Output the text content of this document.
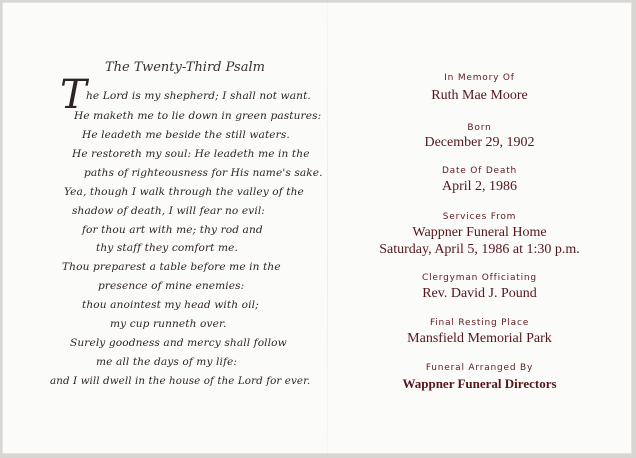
The Twenty-Third Psalm
T he Lord is my shepherd; I shall not want.
He maketh me to lie down in green pastures:
He leadeth me beside the still waters.
He restoreth my soul: He leadeth me in the
paths of righteousness for His name's sake.
Yea, though I walk through the valley of the
shadow of death, I will fear no evil:
for thou art with me; thy rod and
thy staff they comfort me.
Thou preparest a table before me in the
presence of mine enemies:
thou anointest my head with oil;
my cup runneth over.
Surely goodness and mercy shall follow
me all the days of my life:
and I will dwell in the house of the Lord for ever.
In Memory Of
Ruth Mae Moore
Born
December 29, 1902
Date Of Death
April 2, 1986
Services From
Wappner Funeral Home
Saturday, April 5, 1986 at 1:30 p.m.
Clergyman Officiating
Rev. David J. Pound
Final Resting Place
Mansfield Memorial Park
Funeral Arranged By
Wappner Funeral Directors
